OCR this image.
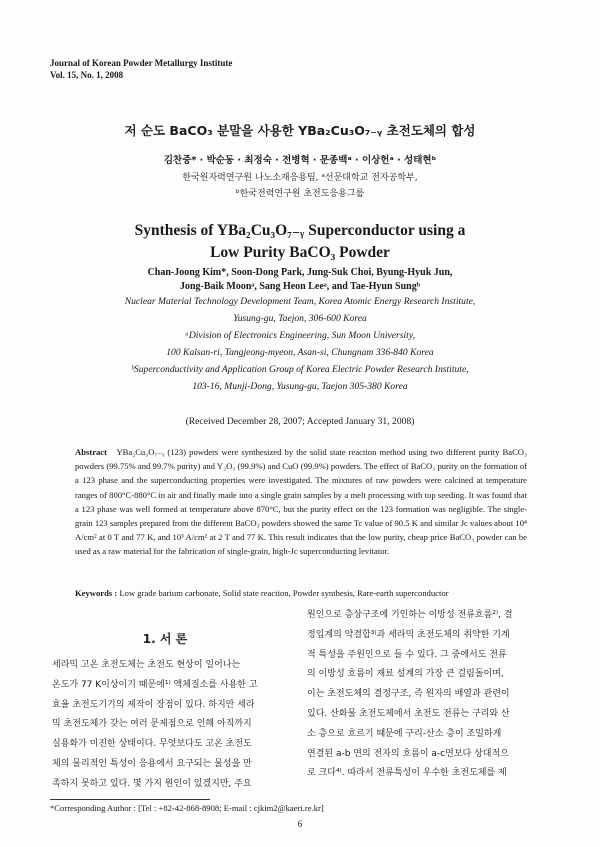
Journal of Korean Powder Metallurgy Institute
Vol. 15, No. 1, 2008
저 순도 BaCO₃ 분말을 사용한 YBa₂Cu₃O₇₋ᵧ 초전도체의 합성
김찬중* · 박순동 · 최정숙 · 전병혁 · 문종백ᵃ · 이상헌ᵃ · 성태현ᵇ
한국원자력연구원 나노소재응용팀, ᵃ선문대학교 전자공학부,
ᵇ한국전력연구원 초전도응용그룹
Synthesis of YBa₂Cu₃O₇₋ᵧ Superconductor using a
Low Purity BaCO₃ Powder
Chan-Joong Kim*, Soon-Dong Park, Jung-Suk Choi, Byung-Hyuk Jun,
Jong-Baik Moonᵃ, Sang Heon Leeᵃ, and Tae-Hyun Sungᵇ
Nuclear Material Technology Development Team, Korea Atomic Energy Research Institute,
Yusung-gu, Taejon, 306-600 Korea
ᵃDivision of Electronics Engineering, Sun Moon University,
100 Kalsan-ri, Tangjeong-myeon, Asan-si, Chungnam 336-840 Korea
ᵇSuperconductivity and Application Group of Korea Electric Powder Research Institute,
103-16, Munji-Dong, Yusung-gu, Taejon 305-380 Korea
(Received December 28, 2007; Accepted January 31, 2008)
Abstract YBa₂Cu₃O₇₋ᵧ (123) powders were synthesized by the solid state reaction method using two different purity BaCO₃ powders (99.75% and 99.7% purity) and Y₂O₃ (99.9%) and CuO (99.9%) powders. The effect of BaCO₃ purity on the formation of a 123 phase and the superconducting properties were investigated. The mixtures of raw powders were calcined at temperature ranges of 800°C-880°C in air and finally made into a single grain samples by a melt processing with top seeding. It was found that a 123 phase was well formed at temperature above 870°C, but the purity effect on the 123 formation was negligible. The single-grain 123 samples prepared from the different BaCO₃ powders showed the same Tc value of 90.5 K and similar Jc values about 10⁴ A/cm² at 0 T and 77 K, and 10³ A/cm² at 2 T and 77 K. This result indicates that the low purity, cheap price BaCO₃ powder can be used as a raw material for the fabrication of single-grain, high-Jc superconducting levitator.
Keywords : Low grade barium carbonate, Solid state reaction, Powder synthesis, Rare-earth superconductor
1. 서 론
세라믹 고온 초전도체는 초전도 현상이 일어나는
온도가 77 K이상이기 때문에¹⁾ 액체질소를 사용한 고
효율 초전도기기의 제작이 장점이 있다. 하지만 세라
믹 초전도체가 갖는 여러 문제점으로 인해 아직까지
실용화가 미진한 상태이다. 무엇보다도 고온 초전도
체의 물리적인 특성이 응용에서 요구되는 물성을 만
족하지 못하고 있다. 몇 가지 원인이 있겠지만, 주요
원인으로 층상구조에 기인하는 이방성 전류흐름²⁾, 결
정입계의 약결합³⁾과 세라믹 초전도체의 취약한 기계
적 특성을 주원인으로 들 수 있다. 그 중에서도 전류
의 이방성 흐름이 재료 설계의 가장 큰 걸림돌이며,
이는 초전도체의 결정구조, 즉 원자의 배열과 관련이
있다. 산화물 초전도체에서 초전도 전류는 구리와 산
소 층으로 흐르기 때문에 구리-산소 층이 조밀하게
연결된 a-b 면의 전자의 흐름이 a-c면보다 상대적으
로 크다⁴⁾. 따라서 전류특성이 우수한 초전도체를 제
*Corresponding Author : [Tel : +82-42-868-8908; E-mail : cjkim2@kaeri.re.kr]
6
